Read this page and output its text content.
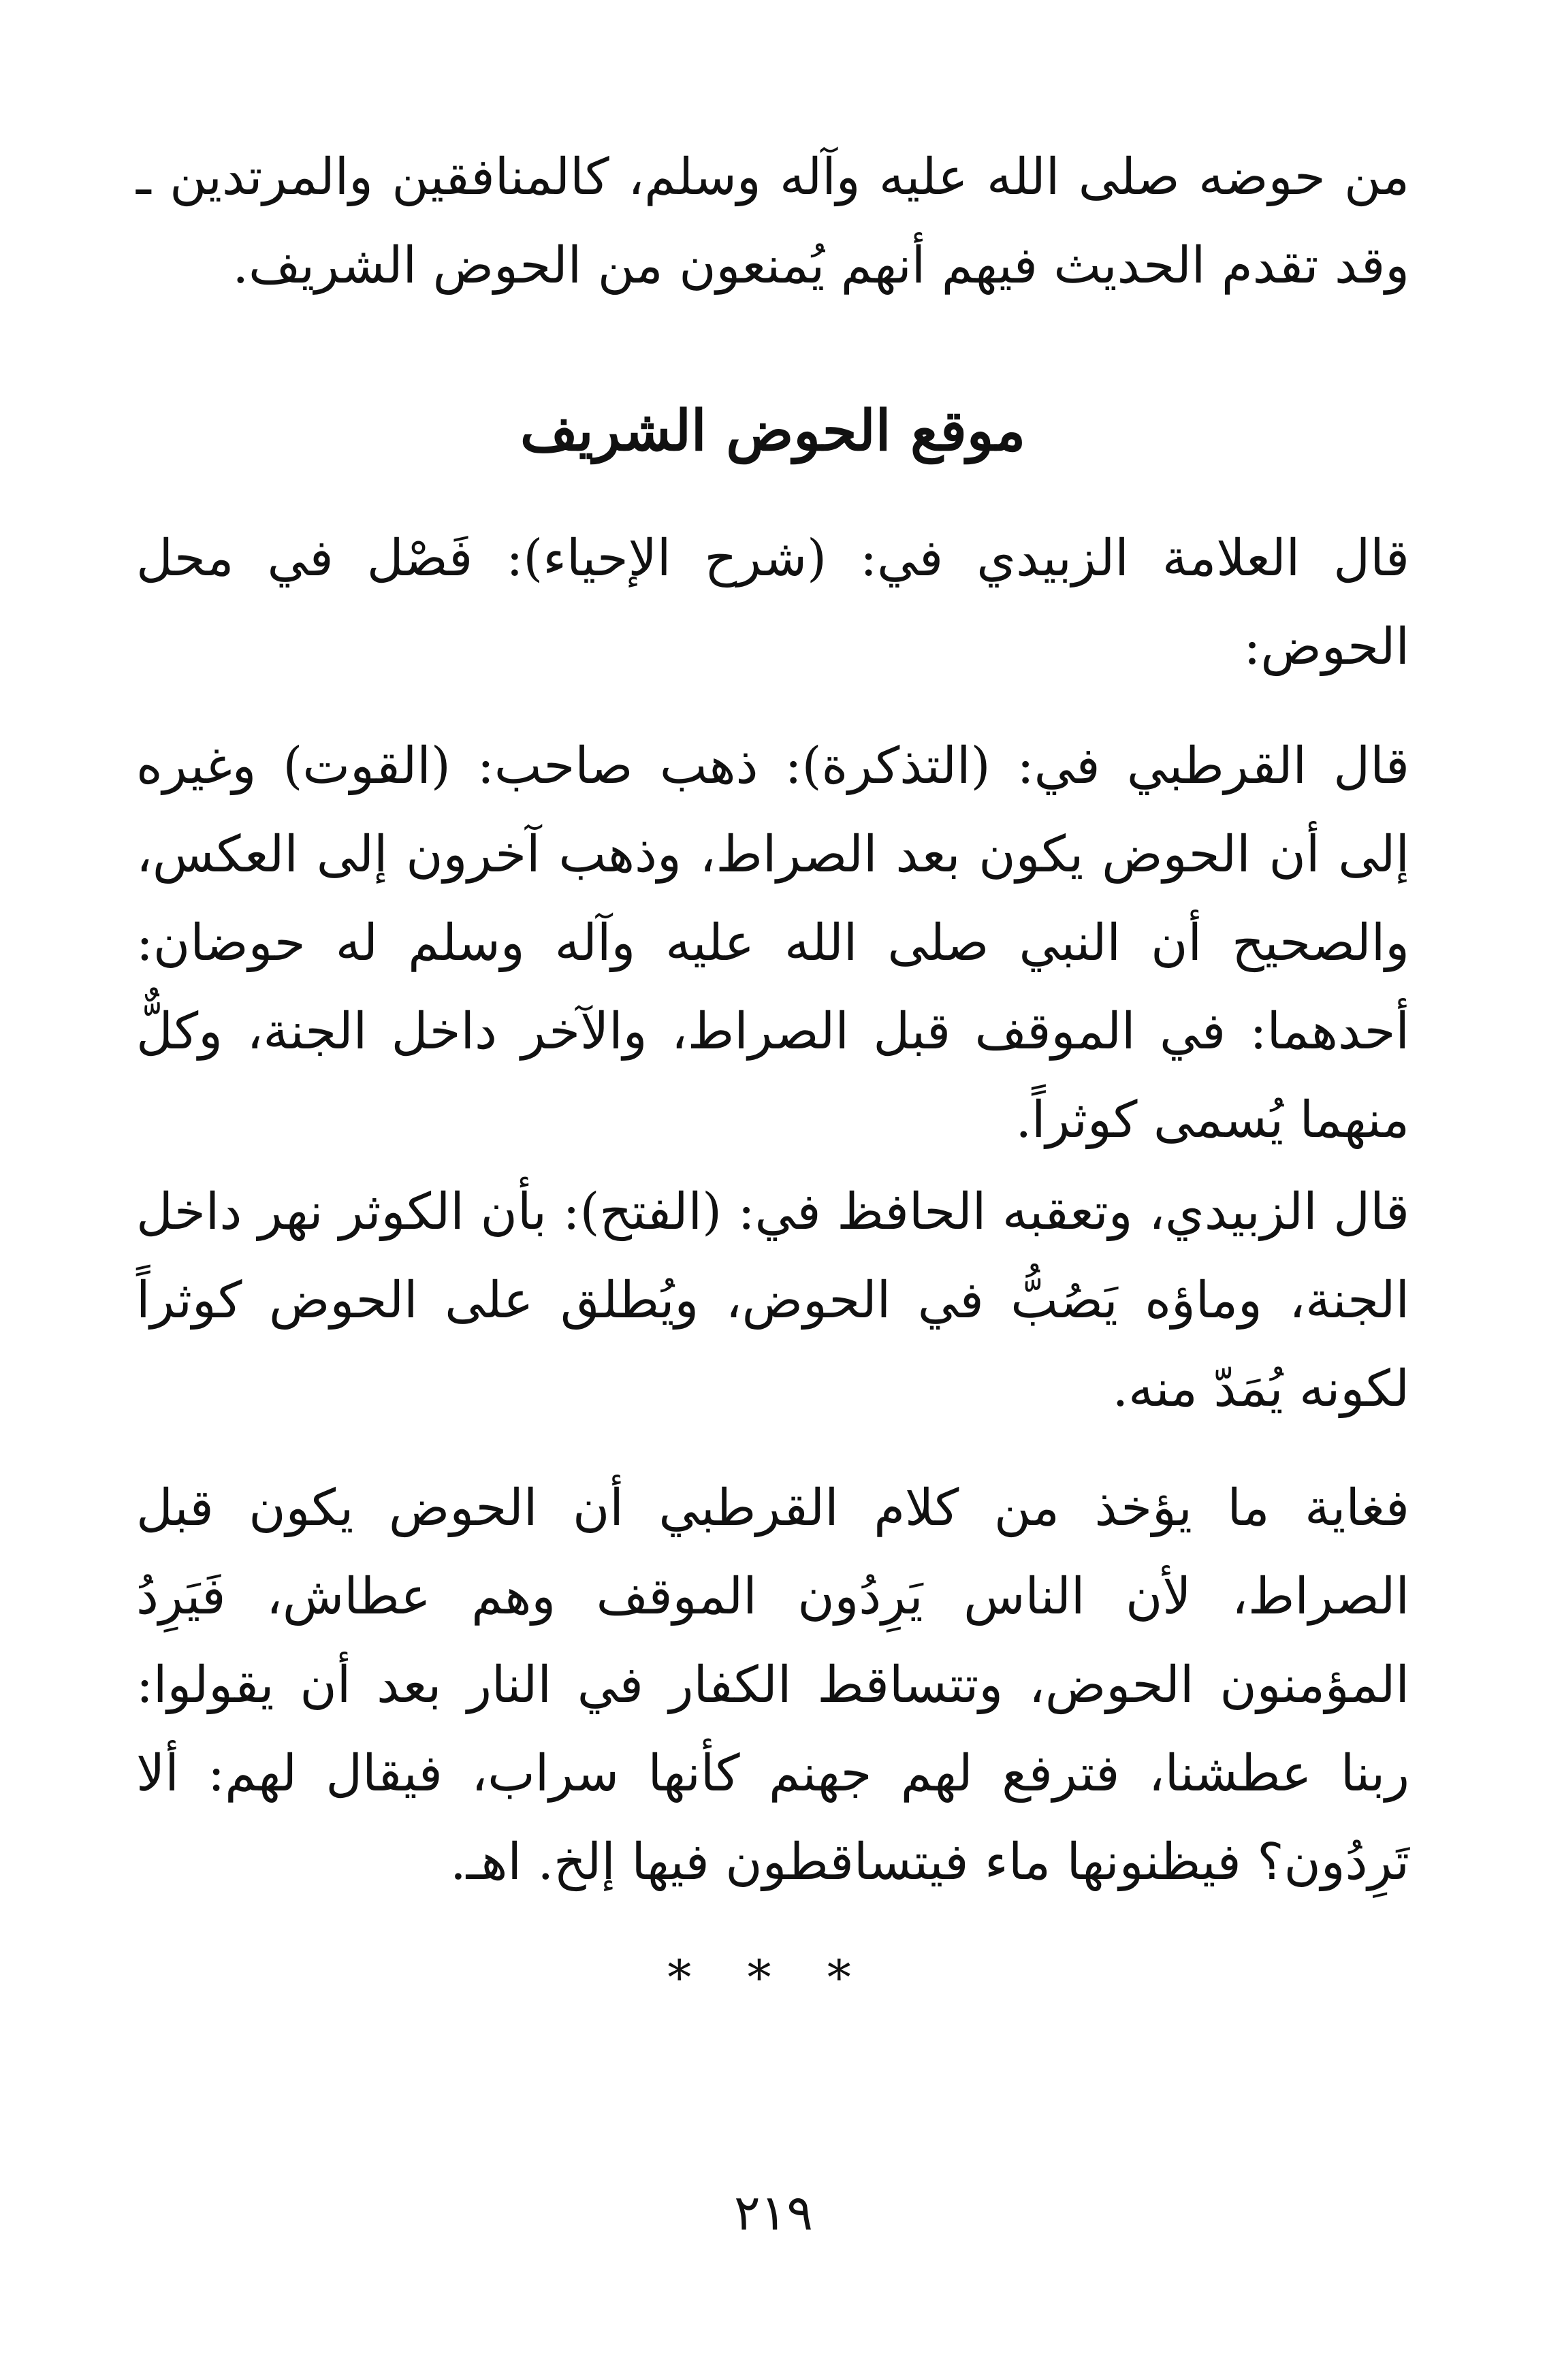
من حوضه صلى الله عليه وآله وسلم، كالمنافقين والمرتدين ـ وقد تقدم الحديث فيهم أنهم يُمنعون من الحوض الشريف.

موقع الحوض الشريف

قال العلامة الزبيدي في: (شرح الإحياء): فَصْل في محل الحوض:

قال القرطبي في: (التذكرة): ذهب صاحب: (القوت) وغيره إلى أن الحوض يكون بعد الصراط، وذهب آخرون إلى العكس، والصحيح أن النبي صلى الله عليه وآله وسلم له حوضان: أحدهما: في الموقف قبل الصراط، والآخر داخل الجنة، وكلٌّ منهما يُسمى كوثراً.

قال الزبيدي، وتعقبه الحافظ في: (الفتح): بأن الكوثر نهر داخل الجنة، وماؤه يَصُبُّ في الحوض، ويُطلق على الحوض كوثراً لكونه يُمَدّ منه.

فغاية ما يؤخذ من كلام القرطبي أن الحوض يكون قبل الصراط، لأن الناس يَرِدُون الموقف وهم عطاش، فَيَرِدُ المؤمنون الحوض، وتتساقط الكفار في النار بعد أن يقولوا: ربنا عطشنا، فترفع لهم جهنم كأنها سراب، فيقال لهم: ألا تَرِدُون؟ فيظنونها ماء فيتساقطون فيها إلخ. اهـ.

* * *
٢١٩
